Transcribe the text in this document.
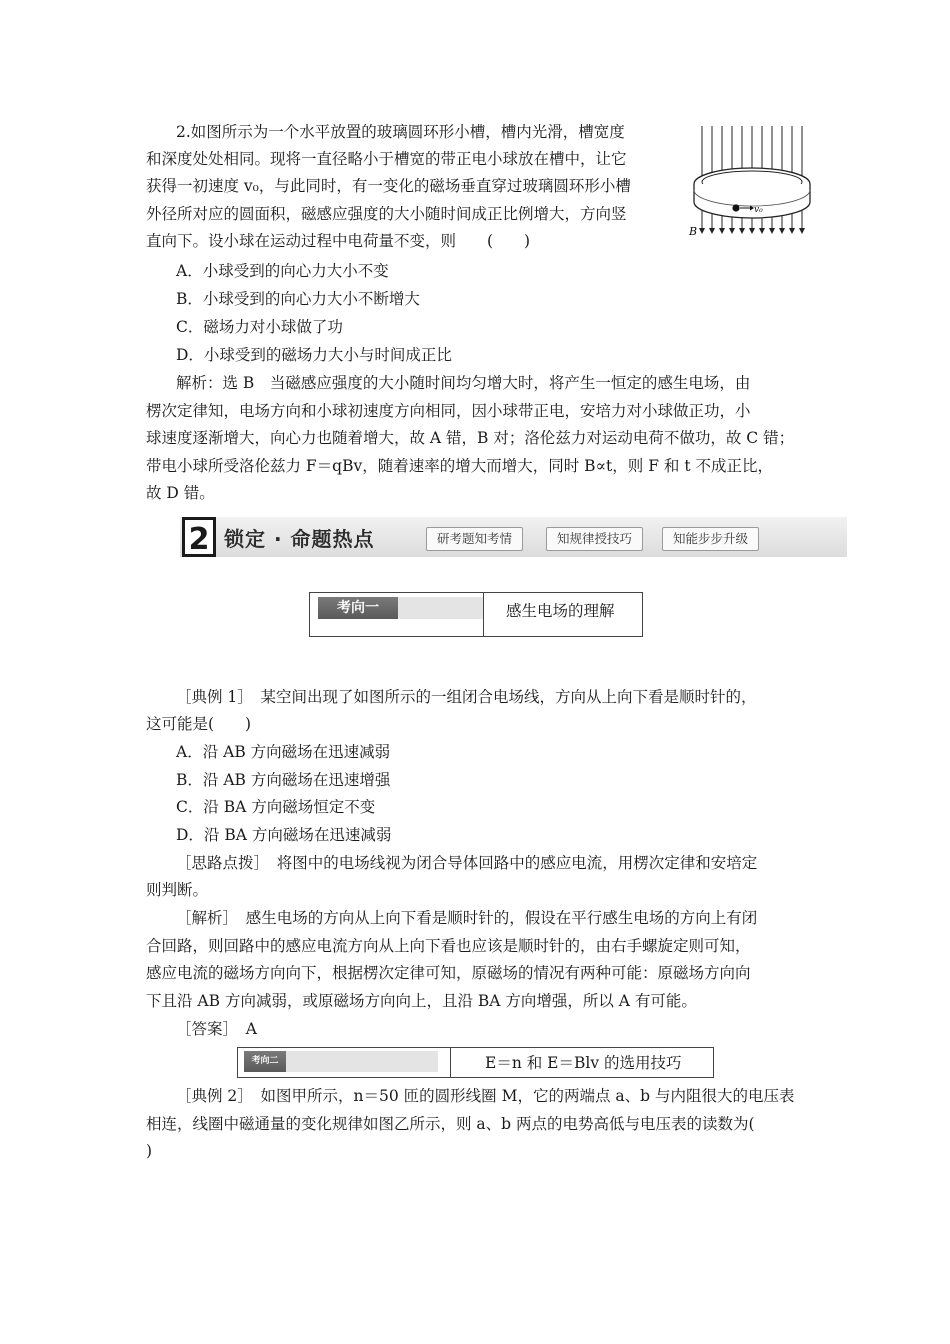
2.如图所示为一个水平放置的玻璃圆环形小槽，槽内光滑，槽宽度
和深度处处相同。现将一直径略小于槽宽的带正电小球放在槽中，让它
获得一初速度 v₀，与此同时，有一变化的磁场垂直穿过玻璃圆环形小槽
外径所对应的圆面积，磁感应强度的大小随时间成正比例增大，方向竖
直向下。设小球在运动过程中电荷量不变，则　　(　　)
B
v₀
A．小球受到的向心力大小不变
B．小球受到的向心力大小不断增大
C．磁场力对小球做了功
D．小球受到的磁场力大小与时间成正比
解析：选 B　当磁感应强度的大小随时间均匀增大时，将产生一恒定的感生电场，由
楞次定律知，电场方向和小球初速度方向相同，因小球带正电，安培力对小球做正功，小
球速度逐渐增大，向心力也随着增大，故 A 错，B 对；洛伦兹力对运动电荷不做功，故 C 错；
带电小球所受洛伦兹力 F＝qBv，随着速率的增大而增大，同时 B∝t，则 F 和 t 不成正比，
故 D 错。
2 锁定 · 命题热点	研考题知考情	知规律授技巧	知能步步升级
考向一	感生电场的理解
［典例 1］　某空间出现了如图所示的一组闭合电场线，方向从上向下看是顺时针的，
这可能是(　　)
A．沿 AB 方向磁场在迅速减弱
B．沿 AB 方向磁场在迅速增强
C．沿 BA 方向磁场恒定不变
D．沿 BA 方向磁场在迅速减弱
［思路点拨］　将图中的电场线视为闭合导体回路中的感应电流，用楞次定律和安培定
则判断。
［解析］　感生电场的方向从上向下看是顺时针的，假设在平行感生电场的方向上有闭
合回路，则回路中的感应电流方向从上向下看也应该是顺时针的，由右手螺旋定则可知，
感应电流的磁场方向向下，根据楞次定律可知，原磁场的情况有两种可能：原磁场方向向
下且沿 AB 方向减弱，或原磁场方向向上，且沿 BA 方向增强，所以 A 有可能。
［答案］　A
考向二	E＝n 和 E＝Blv 的选用技巧
［典例 2］　如图甲所示，n＝50 匝的圆形线圈 M，它的两端点 a、b 与内阻很大的电压表
相连，线圈中磁通量的变化规律如图乙所示，则 a、b 两点的电势高低与电压表的读数为(
)
